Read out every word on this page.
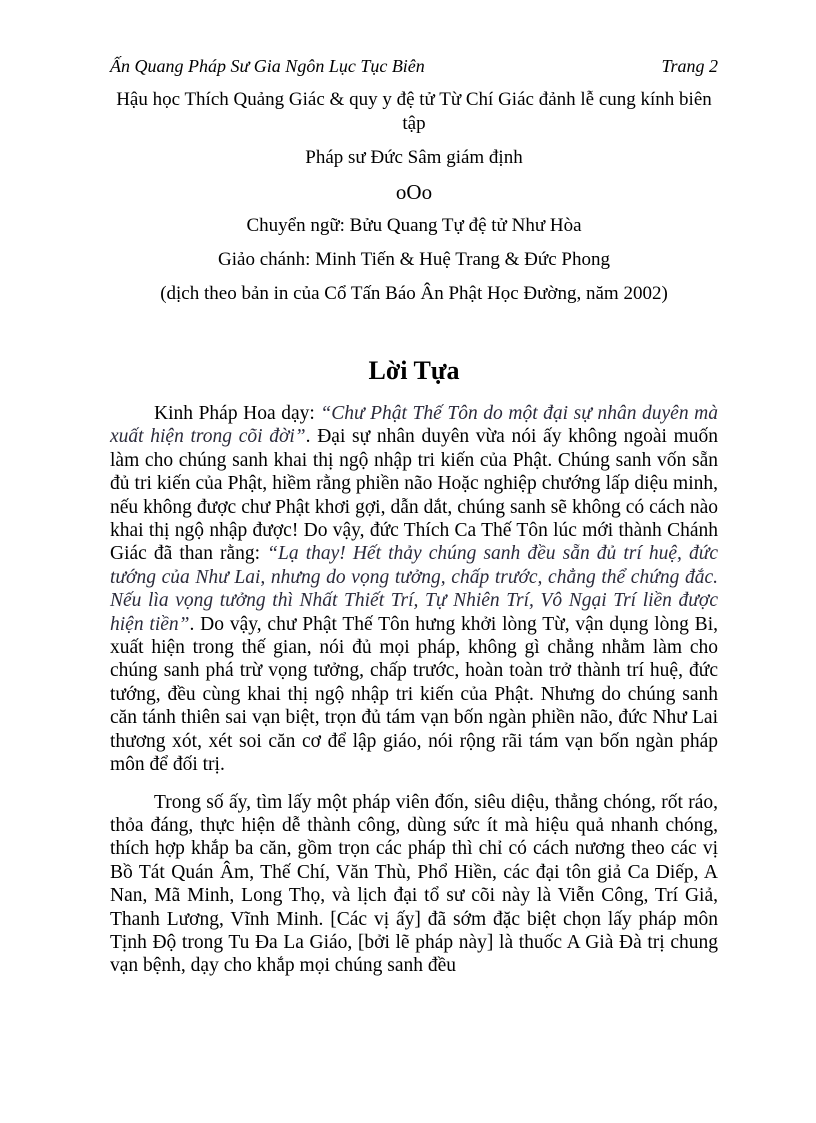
Ấn Quang Pháp Sư Gia Ngôn Lục Tục Biên	Trang 2

Hậu học Thích Quảng Giác & quy y đệ tử Từ Chí Giác đảnh lễ cung kính biên tập

Pháp sư Đức Sâm giám định

oOo

Chuyển ngữ: Bửu Quang Tự đệ tử Như Hòa

Giảo chánh: Minh Tiến & Huệ Trang & Đức Phong

(dịch theo bản in của Cổ Tấn Báo Ân Phật Học Đường, năm 2002)

Lời Tựa

Kinh Pháp Hoa dạy: “Chư Phật Thế Tôn do một đại sự nhân duyên mà xuất hiện trong cõi đời”. Đại sự nhân duyên vừa nói ấy không ngoài muốn làm cho chúng sanh khai thị ngộ nhập tri kiến của Phật. Chúng sanh vốn sẵn đủ tri kiến của Phật, hiềm rằng phiền não Hoặc nghiệp chướng lấp diệu minh, nếu không được chư Phật khơi gợi, dẫn dắt, chúng sanh sẽ không có cách nào khai thị ngộ nhập được! Do vậy, đức Thích Ca Thế Tôn lúc mới thành Chánh Giác đã than rằng: “Lạ thay! Hết thảy chúng sanh đều sẵn đủ trí huệ, đức tướng của Như Lai, nhưng do vọng tưởng, chấp trước, chẳng thể chứng đắc. Nếu lìa vọng tưởng thì Nhất Thiết Trí, Tự Nhiên Trí, Vô Ngại Trí liền được hiện tiền”. Do vậy, chư Phật Thế Tôn hưng khởi lòng Từ, vận dụng lòng Bi, xuất hiện trong thế gian, nói đủ mọi pháp, không gì chẳng nhằm làm cho chúng sanh phá trừ vọng tưởng, chấp trước, hoàn toàn trở thành trí huệ, đức tướng, đều cùng khai thị ngộ nhập tri kiến của Phật. Nhưng do chúng sanh căn tánh thiên sai vạn biệt, trọn đủ tám vạn bốn ngàn phiền não, đức Như Lai thương xót, xét soi căn cơ để lập giáo, nói rộng rãi tám vạn bốn ngàn pháp môn để đối trị.

Trong số ấy, tìm lấy một pháp viên đốn, siêu diệu, thẳng chóng, rốt ráo, thỏa đáng, thực hiện dễ thành công, dùng sức ít mà hiệu quả nhanh chóng, thích hợp khắp ba căn, gồm trọn các pháp thì chỉ có cách nương theo các vị Bồ Tát Quán Âm, Thế Chí, Văn Thù, Phổ Hiền, các đại tôn giả Ca Diếp, A Nan, Mã Minh, Long Thọ, và lịch đại tổ sư cõi này là Viễn Công, Trí Giả, Thanh Lương, Vĩnh Minh. [Các vị ấy] đã sớm đặc biệt chọn lấy pháp môn Tịnh Độ trong Tu Đa La Giáo, [bởi lẽ pháp này] là thuốc A Già Đà trị chung vạn bệnh, dạy cho khắp mọi chúng sanh đều
